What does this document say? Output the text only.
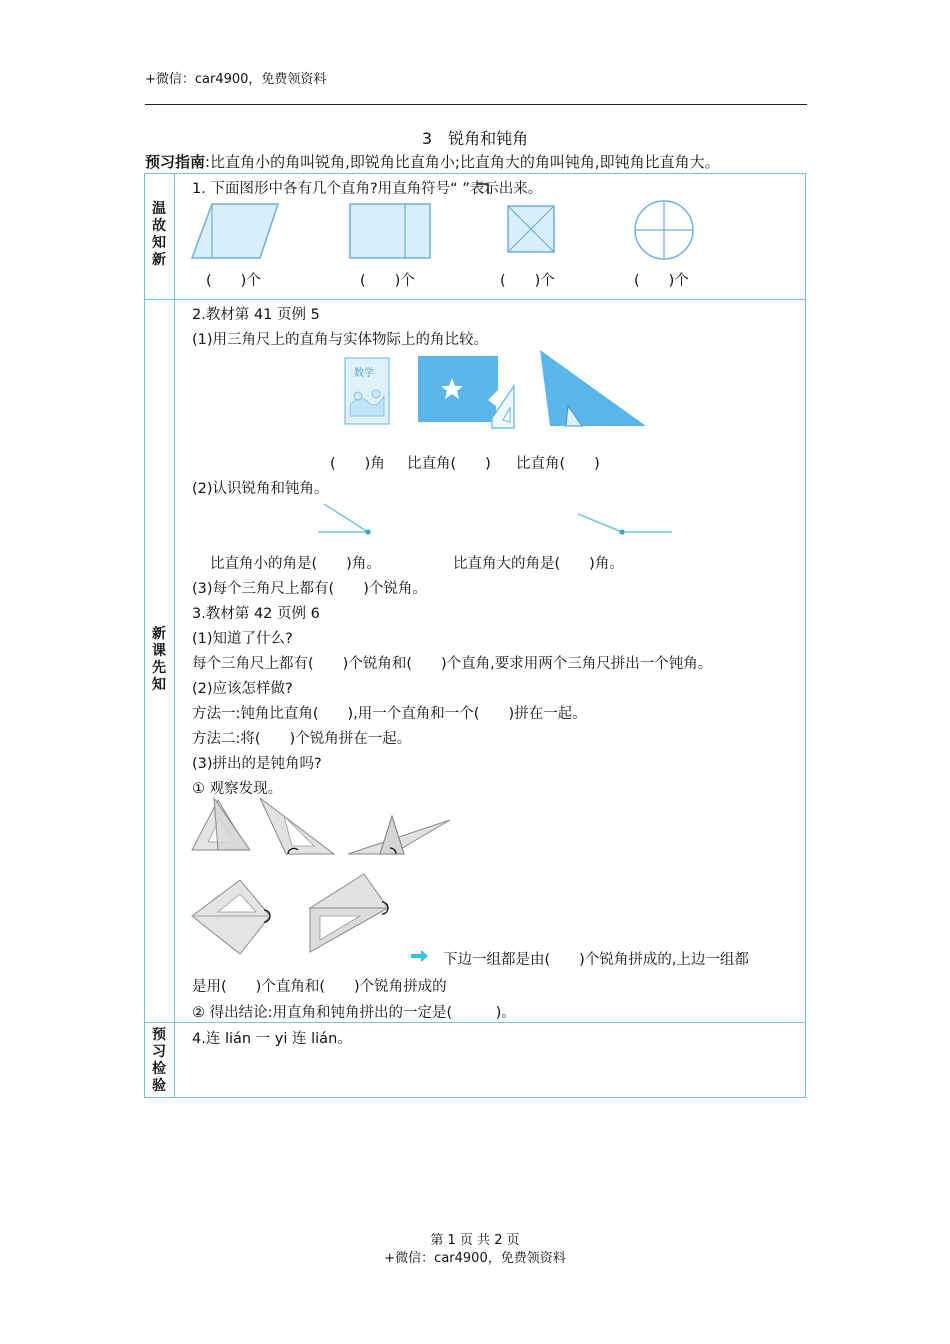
+微信：car4900，免费领资料
3 锐角和钝角
预习指南:比直角小的角叫锐角,即锐角比直角小;比直角大的角叫钝角,即钝角比直角大。
温故知新
新课先知
预习检验
1. 下面图形中各有几个直角?用直角符号“ ”表示出来。
(　　)个	(　　)个	(　　)个	(　　)个
2.教材第 41 页例 5
(1)用三角尺上的直角与实体物际上的角比较。
数学
(　　)角 比直角(　　) 比直角(　　)
(2)认识锐角和钝角。
比直角小的角是(　　)角。	比直角大的角是(　　)角。
(3)每个三角尺上都有(　　)个锐角。
3.教材第 42 页例 6
(1)知道了什么?
每个三角尺上都有(　　)个锐角和(　　)个直角,要求用两个三角尺拼出一个钝角。
(2)应该怎样做?
方法一:钝角比直角(　　),用一个直角和一个(　　)拼在一起。
方法二:将(　　)个锐角拼在一起。
(3)拼出的是钝角吗?
① 观察发现。
下边一组都是由(　　)个锐角拼成的,上边一组都
是用(　　)个直角和(　　)个锐角拼成的
② 得出结论:用直角和钝角拼出的一定是(　　　)。
4.连 lián 一 yi 连 lián。
第 1 页 共 2 页
+微信：car4900，免费领资料
